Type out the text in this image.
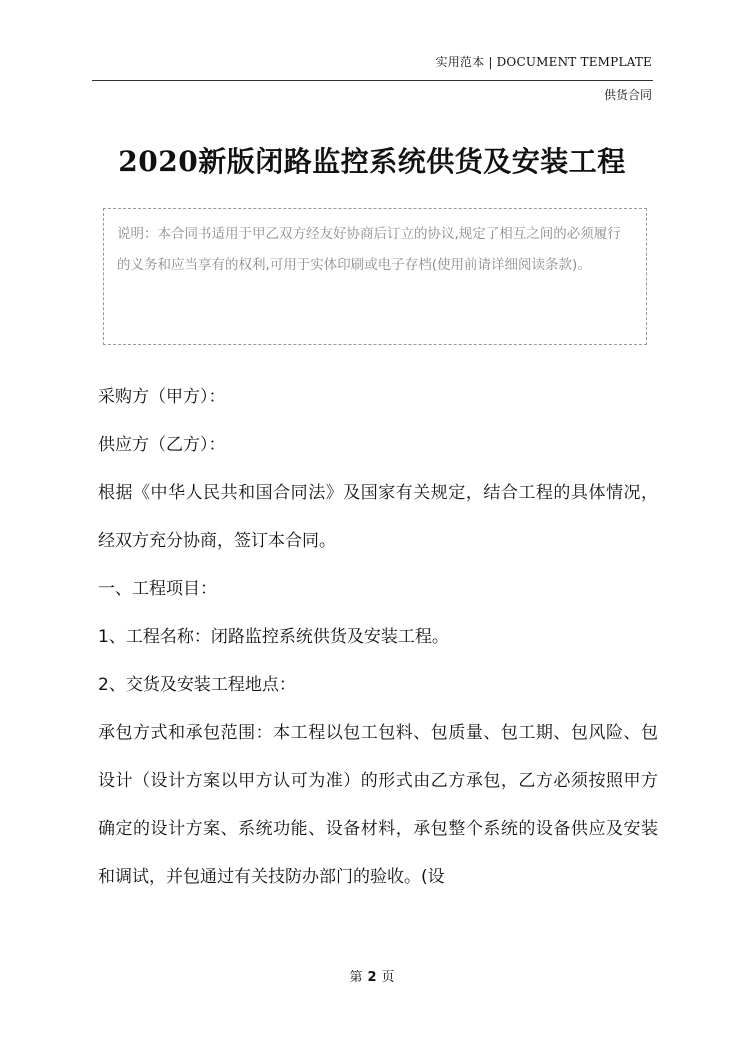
实用范本 | DOCUMENT TEMPLATE
供货合同
2020新版闭路监控系统供货及安装工程
说明：本合同书适用于甲乙双方经友好协商后订立的协议,规定了相互之间的必须履行的义务和应当享有的权利,可用于实体印刷或电子存档(使用前请详细阅读条款)。

采购方（甲方）：

供应方（乙方）：

根据《中华人民共和国合同法》及国家有关规定，结合工程的具体情况，经双方充分协商，签订本合同。

一、工程项目：

1、工程名称：闭路监控系统供货及安装工程。

2、交货及安装工程地点：

承包方式和承包范围：本工程以包工包料、包质量、包工期、包风险、包设计（设计方案以甲方认可为准）的形式由乙方承包，乙方必须按照甲方确定的设计方案、系统功能、设备材料，承包整个系统的设备供应及安装和调试，并包通过有关技防办部门的验收。(设

第 2 页
